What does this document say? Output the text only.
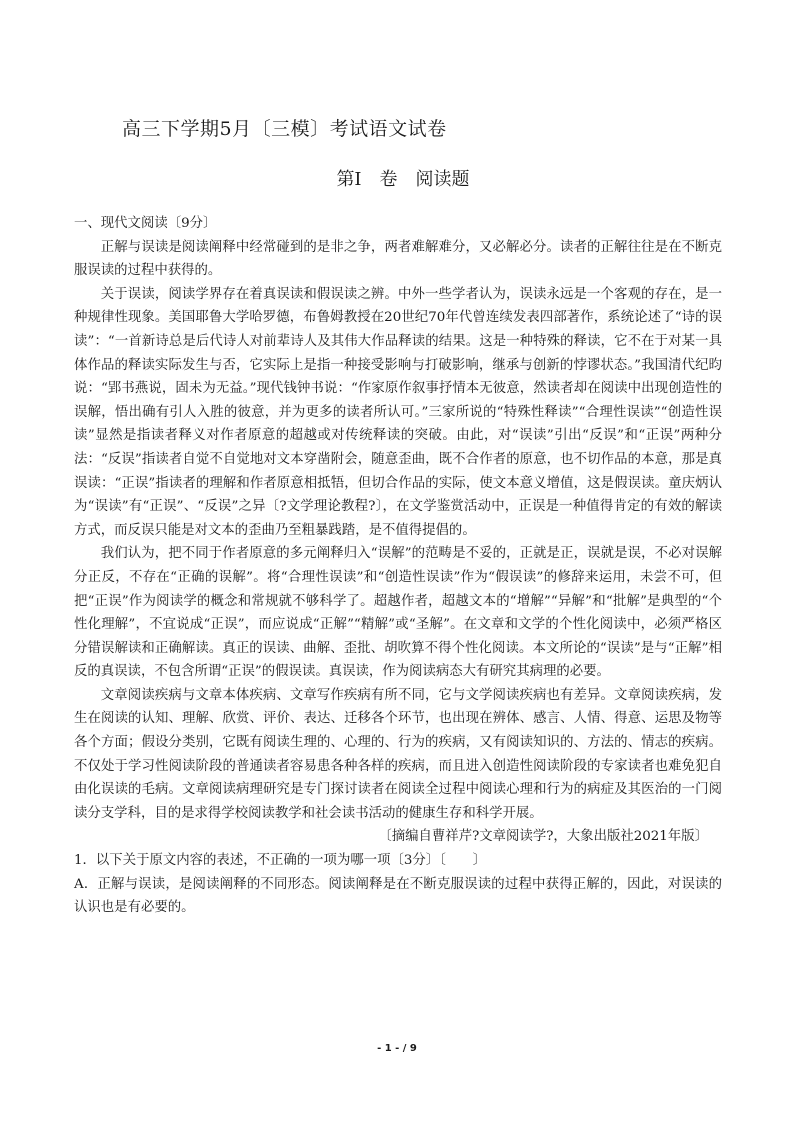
高三下学期5月〔三模〕考试语文试卷
第Ⅰ　卷　阅读题

一、现代文阅读〔9分〕

正解与误读是阅读阐释中经常碰到的是非之争，两者难解难分，又必解必分。读者的正解往往是在不断克服误读的过程中获得的。

关于误读，阅读学界存在着真误读和假误读之辨。中外一些学者认为，误读永远是一个客观的存在，是一种规律性现象。美国耶鲁大学哈罗德，布鲁姆教授在20世纪70年代曾连续发表四部著作，系统论述了“诗的误读”：“一首新诗总是后代诗人对前辈诗人及其伟大作品释读的结果。这是一种特殊的释读，它不在于对某一具体作品的释读实际发生与否，它实际上是指一种接受影响与打破影响，继承与创新的悖谬状态。”我国清代纪昀说：“郢书燕说，固未为无益。”现代钱钟书说：“作家原作叙事抒情本无彼意，然读者却在阅读中出现创造性的误解，悟出确有引人入胜的彼意，并为更多的读者所认可。”三家所说的“特殊性释读”“合理性误读”“创造性误读”显然是指读者释义对作者原意的超越或对传统释读的突破。由此，对“误读”引出“反误”和“正误”两种分法：“反误”指读者自觉不自觉地对文本穿凿附会，随意歪曲，既不合作者的原意，也不切作品的本意，那是真误读：“正误”指读者的理解和作者原意相抵牾，但切合作品的实际，使文本意义增值，这是假误读。童庆炳认为“误读”有“正误”、“反误”之异〔?文学理论教程?〕，在文学鉴赏活动中，正误是一种值得肯定的有效的解读方式，而反误只能是对文本的歪曲乃至粗暴践踏，是不值得提倡的。

我们认为，把不同于作者原意的多元阐释归入“误解”的范畴是不妥的，正就是正，误就是误，不必对误解分正反，不存在“正确的误解”。将“合理性误读”和“创造性误读”作为“假误读”的修辞来运用，未尝不可，但把“正误”作为阅读学的概念和常规就不够科学了。超越作者，超越文本的“增解”“异解”和“批解”是典型的“个性化理解”，不宜说成“正误”，而应说成“正解”“精解”或“圣解”。在文章和文学的个性化阅读中，必须严格区分错误解读和正确解读。真正的误读、曲解、歪批、胡吹算不得个性化阅读。本文所论的“误读”是与“正解”相反的真误读，不包含所谓“正误”的假误读。真误读，作为阅读病态大有研究其病理的必要。

文章阅读疾病与文章本体疾病、文章写作疾病有所不同，它与文学阅读疾病也有差异。文章阅读疾病，发生在阅读的认知、理解、欣赏、评价、表达、迁移各个环节，也出现在辨体、感言、人情、得意、运思及物等各个方面；假设分类别，它既有阅读生理的、心理的、行为的疾病，又有阅读知识的、方法的、情志的疾病。不仅处于学习性阅读阶段的普通读者容易患各种各样的疾病，而且进入创造性阅读阶段的专家读者也难免犯自由化误读的毛病。文章阅读病理研究是专门探讨读者在阅读全过程中阅读心理和行为的病症及其医治的一门阅读分支学科，目的是求得学校阅读教学和社会读书活动的健康生存和科学开展。

〔摘编自曹祥芹?文章阅读学?，大象出版社2021年版〕

1．以下关于原文内容的表述，不正确的一项为哪一项〔3分〕〔　　〕

A．正解与误读，是阅读阐释的不同形态。阅读阐释是在不断克服误读的过程中获得正解的，因此，对误读的认识也是有必要的。

- 1 - / 9
